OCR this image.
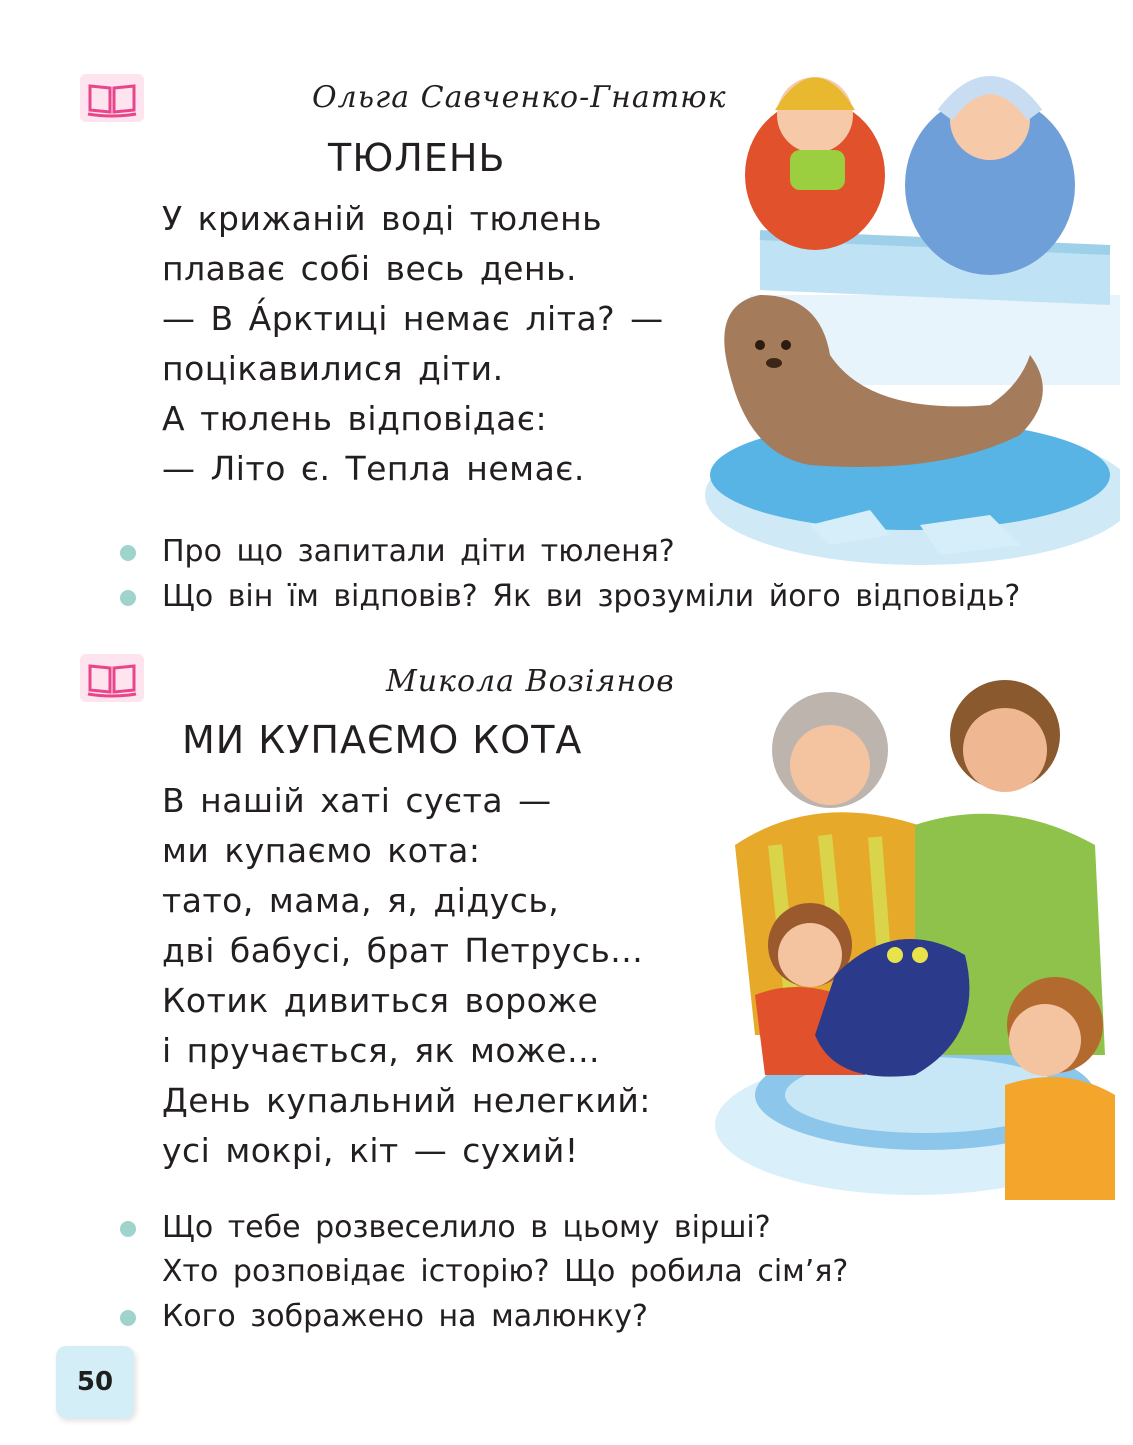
Ольга Савченко-Гнатюк
ТЮЛЕНЬ
У крижаній воді тюлень
плаває собі весь день.
— В А́рктиці немає літа? —
поцікавилися діти.
А тюлень відповідає:
— Літо є. Тепла немає.
Про що запитали діти тюленя?
Що він їм відповів? Як ви зрозуміли його відповідь?
Микола Возіянов
МИ КУПАЄМО КОТА
В нашій хаті суєта —
ми купаємо кота:
тато, мама, я, дідусь,
дві бабусі, брат Петрусь...
Котик дивиться вороже
і пручається, як може...
День купальний нелегкий:
усі мокрі, кіт — сухий!
Що тебе розвеселило в цьому вірші?
Хто розповідає історію? Що робила сім’я?
Кого зображено на малюнку?
50
